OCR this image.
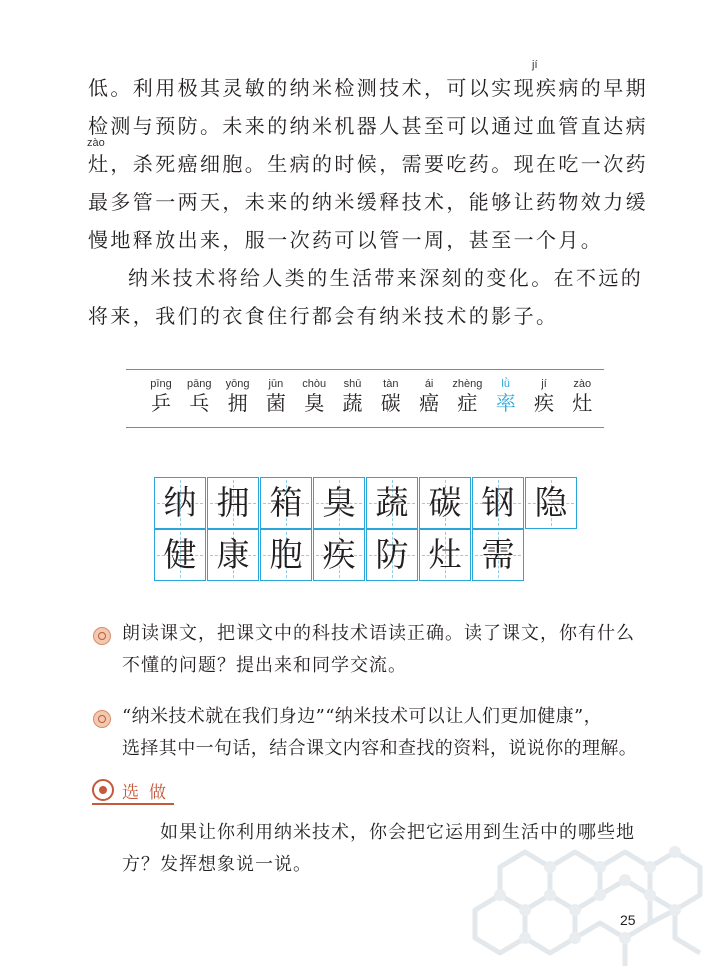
jí
低。利用极其灵敏的纳米检测技术，可以实现疾病的早期
检测与预防。未来的纳米机器人甚至可以通过血管直达病
zào
灶，杀死癌细胞。生病的时候，需要吃药。现在吃一次药
最多管一两天，未来的纳米缓释技术，能够让药物效力缓
慢地释放出来，服一次药可以管一周，甚至一个月。
纳米技术将给人类的生活带来深刻的变化。在不远的
将来，我们的衣食住行都会有纳米技术的影子。
pīng
乒
pāng
乓
yōng
拥
jūn
菌
chòu
臭
shū
蔬
tàn
碳
ái
癌
zhèng
症
lǜ
率
jí
疾
zào
灶
纳 拥 箱 臭 蔬 碳 钢 隐
健 康 胞 疾 防 灶 需
朗读课文，把课文中的科技术语读正确。读了课文，你有什么
不懂的问题？提出来和同学交流。
“纳米技术就在我们身边”“纳米技术可以让人们更加健康”，
选择其中一句话，结合课文内容和查找的资料，说说你的理解。
选做
如果让你利用纳米技术，你会把它运用到生活中的哪些地
方？发挥想象说一说。
25
